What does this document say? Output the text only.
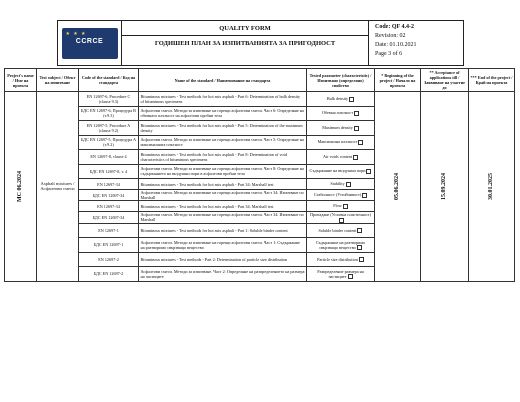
★ ★ ★
CCRCE
QUALITY FORM
ГОДИШЕН ПЛАН ЗА ИЗПИТВАНИЯТА ЗА ПРИГОДНОСТ
Code: QF 4.4-2
Revision: 02
Date: 01.10.2021
Page 3 of 6
Project's name / Име на проекта	Test subject / Обект на изпитване	Code of the standard / Код на стандарта	Name of the standard / Наименование на стандарта	Tested parameter (characteristic) / Изпитвано (определяно) свойство	* Beginning of the project / Начало на проекта	** Acceptance of applications till / Заявяване на участие до	*** End of the project / Край на проекта

MC 06.2024	Asphalt mixtures / Асфалтови смеси	EN 12697-6, Procedure C (clause 9.3)	Bituminous mixtures - Test methods for hot mix asphalt - Part 6: Determination of bulk density of bituminous specimens	Bulk density	05.06.2024	15.09.2024	30.01.2025

		БДС EN 12697-6, Процедура В (т.9.3)	Асфалтови смеси. Методи за изпитване на горещи асфалтови смеси. Част 6: Определяне на обемната плътност на асфалтови пробни тела	Обемна плътност			
		EN 12697-5, Procedure A (clause 9.2)	Bituminous mixtures - Test methods for hot mix asphalt - Part 5: Determination of the maximum density	Maximum density			
		БДС EN 12697-5, Процедура А (т.9.2)	Асфалтови смеси. Методи за изпитване на горещи асфалтови смеси. Част 5: Определяне на максималната плътност	Максимална плътност			
		EN 12697-8, clause 4	Bituminous mixtures - Test methods for hot mix asphalt - Part 8: Determination of void characteristics of bituminous specimens	Air voids content			
		БДС EN 12697-8, т. 4	Асфалтови смеси. Методи за изпитване на горещи асфалтови смеси. Част 8: Определяне на съдържанието на въздушни пори в асфалтови пробни тела	Съдържание на въздушни пори			
		EN 12697-34	Bituminous mixtures - Test methods for hot mix asphalt - Part 34: Marshall test	Stability			
		БДС EN 12697-34	Асфалтови смеси. Методи за изпитване на горещи асфалтови смеси. Част 34: Изпитване по Marshall	Стабилност (Устойчивост)			
		EN 12697-34	Bituminous mixtures - Test methods for hot mix asphalt - Part 34: Marshall test	Flow			
		БДС EN 12697-34	Асфалтови смеси. Методи за изпитване на горещи асфалтови смеси. Част 34: Изпитване по Marshall	Пропадане (Условна пластичност)			
		EN 12697-1	Bituminous mixtures - Test methods for hot mix asphalt - Part 1: Soluble binder content	Soluble binder content			
		БДС EN 12697-1	Асфалтови смеси. Методи за изпитване на горещи асфалтови смеси. Част 1: Съдържание на разтворимо свързващо вещество	Съдържание на разтворимо свързващо вещество			
		EN 12697-2	Bituminous mixtures - Test methods - Part 2: Determination of particle size distribution	Particle size distribution			
		БДС EN 12697-2	Асфалтови смеси. Методи за изпитване. Част 2: Определяне на разпределението на размера на частиците	Разпределение размера на частиците			
